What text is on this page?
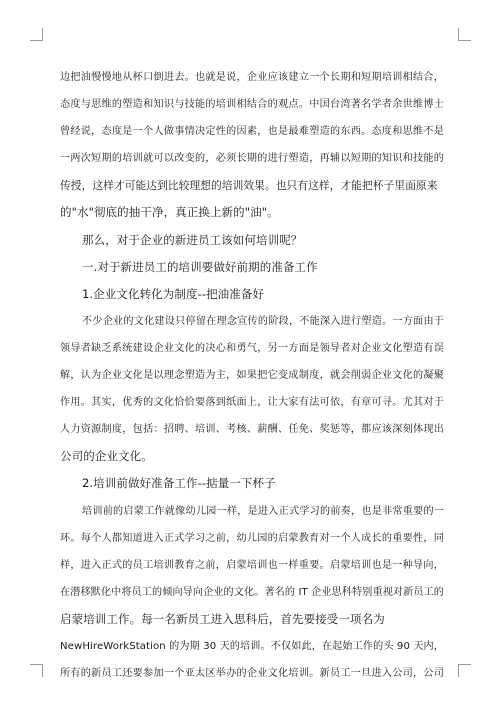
边把油慢慢地从杯口倒进去。也就是说，企业应该建立一个长期和短期培训相结合，
态度与思维的塑造和知识与技能的培训相结合的观点。中国台湾著名学者余世维博士
曾经说，态度是一个人做事情决定性的因素，也是最难塑造的东西。态度和思维不是
一两次短期的培训就可以改变的，必须长期的进行塑造，再辅以短期的知识和技能的
传授，这样才可能达到比较理想的培训效果。也只有这样，才能把杯子里面原来
的"水"彻底的抽干净，真正换上新的"油"。
那么，对于企业的新进员工该如何培训呢？
一.对于新进员工的培训要做好前期的准备工作
1.企业文化转化为制度--把油准备好
不少企业的文化建设只停留在理念宣传的阶段，不能深入进行塑造。一方面由于
领导者缺乏系统建设企业文化的决心和勇气，另一方面是领导者对企业文化塑造有误
解，认为企业文化是以理念塑造为主，如果把它变成制度，就会削弱企业文化的凝聚
作用。其实，优秀的文化恰恰要落到纸面上，让大家有法可依，有章可寻。尤其对于
人力资源制度，包括：招聘、培训、考核、薪酬、任免、奖惩等，都应该深刻体现出
公司的企业文化。
2.培训前做好准备工作--掂量一下杯子
培训前的启蒙工作就像幼儿园一样，是进入正式学习的前奏，也是非常重要的一
环。每个人都知道进入正式学习之前，幼儿园的启蒙教育对一个人成长的重要性，同
样，进入正式的员工培训教育之前，启蒙培训也一样重要。启蒙培训也是一种导向，
在潜移默化中将员工的倾向导向企业的文化。著名的 IT 企业思科特别重视对新员工的
启蒙培训工作。每一名新员工进入思科后，首先要接受一项名为
NewHireWorkStation 的为期 30 天的培训。不仅如此，在起始工作的头 90 天内，
所有的新员工还要参加一个亚太区举办的企业文化培训。新员工一旦进入公司，公司
